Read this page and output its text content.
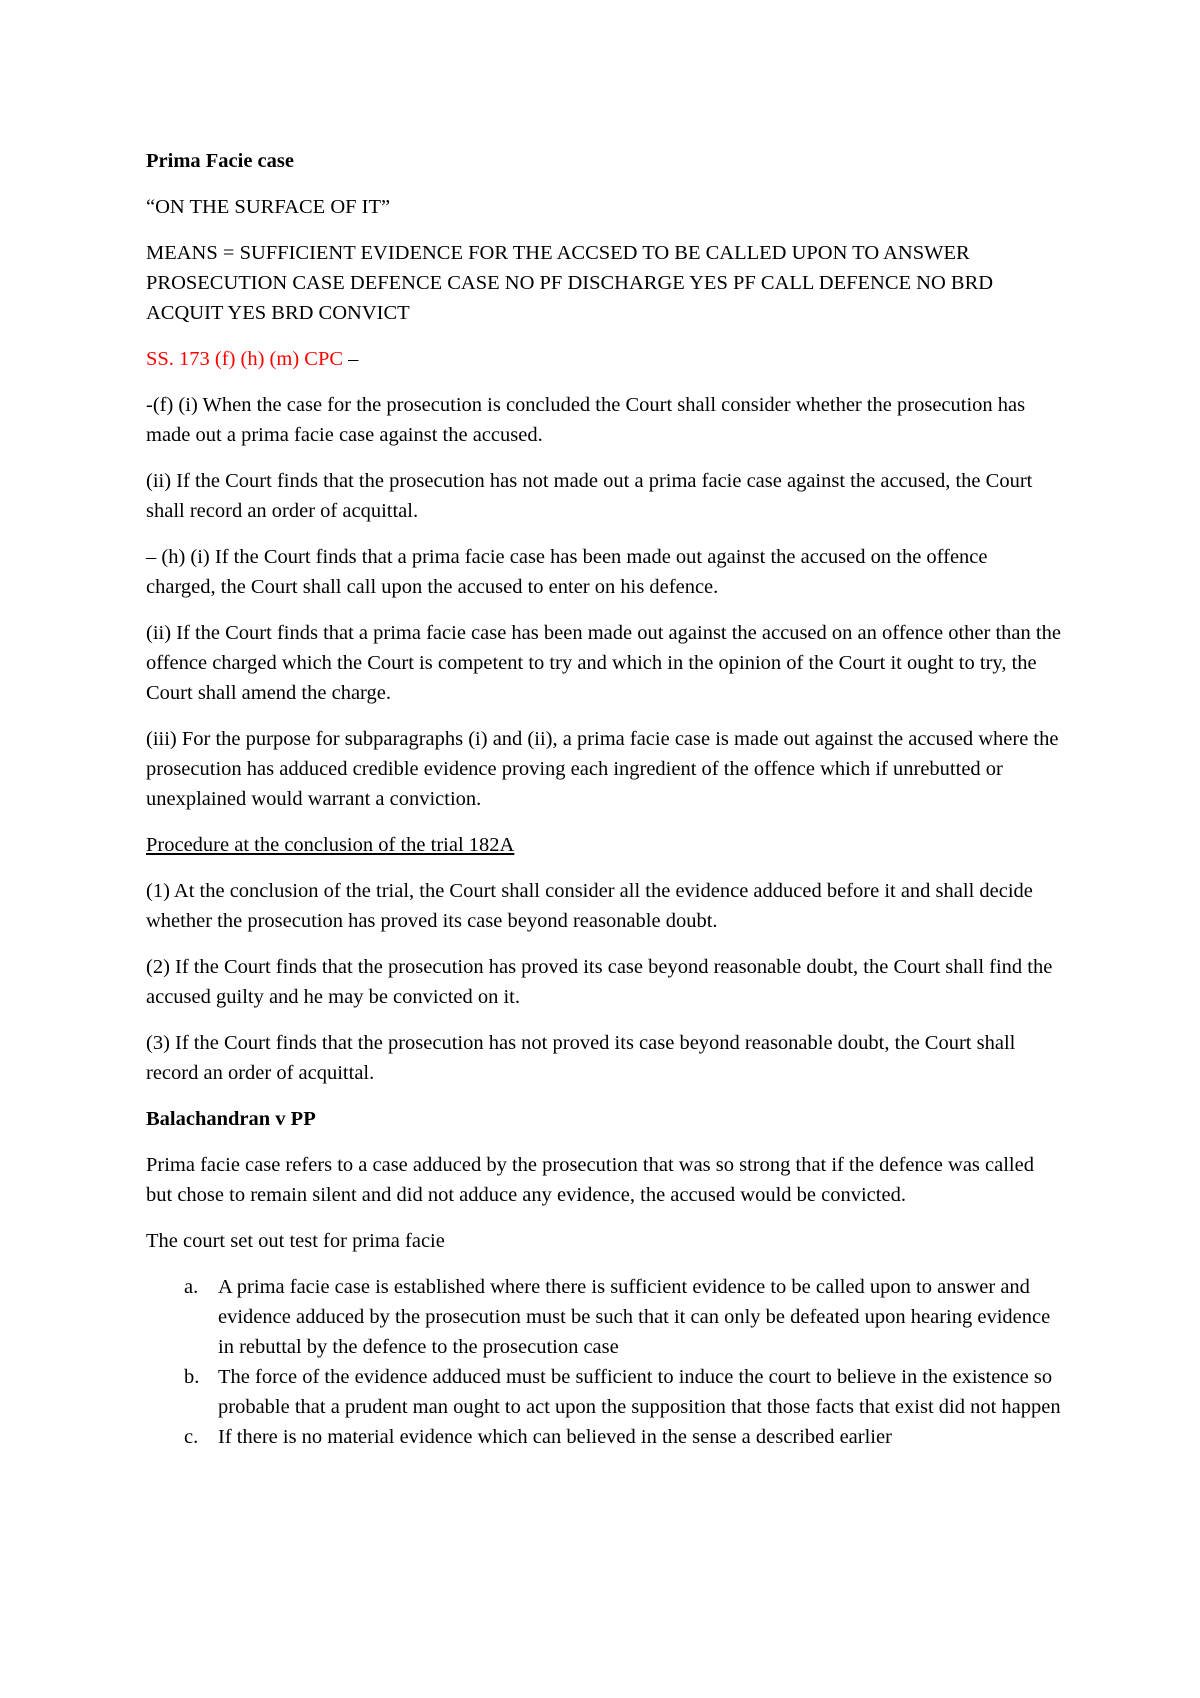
Prima Facie case

“ON THE SURFACE OF IT”

MEANS = SUFFICIENT EVIDENCE FOR THE ACCSED TO BE CALLED UPON TO ANSWER PROSECUTION CASE DEFENCE CASE NO PF DISCHARGE YES PF CALL DEFENCE NO BRD ACQUIT YES BRD CONVICT

SS. 173 (f) (h) (m) CPC –

-(f) (i) When the case for the prosecution is concluded the Court shall consider whether the prosecution has made out a prima facie case against the accused.

(ii) If the Court finds that the prosecution has not made out a prima facie case against the accused, the Court shall record an order of acquittal.

– (h) (i) If the Court finds that a prima facie case has been made out against the accused on the offence charged, the Court shall call upon the accused to enter on his defence.

(ii) If the Court finds that a prima facie case has been made out against the accused on an offence other than the offence charged which the Court is competent to try and which in the opinion of the Court it ought to try, the Court shall amend the charge.

(iii) For the purpose for subparagraphs (i) and (ii), a prima facie case is made out against the accused where the prosecution has adduced credible evidence proving each ingredient of the offence which if unrebutted or unexplained would warrant a conviction.

Procedure at the conclusion of the trial 182A

(1) At the conclusion of the trial, the Court shall consider all the evidence adduced before it and shall decide whether the prosecution has proved its case beyond reasonable doubt.

(2) If the Court finds that the prosecution has proved its case beyond reasonable doubt, the Court shall find the accused guilty and he may be convicted on it.

(3) If the Court finds that the prosecution has not proved its case beyond reasonable doubt, the Court shall record an order of acquittal.

Balachandran v PP

Prima facie case refers to a case adduced by the prosecution that was so strong that if the defence was called but chose to remain silent and did not adduce any evidence, the accused would be convicted.

The court set out test for prima facie

a. A prima facie case is established where there is sufficient evidence to be called upon to answer and evidence adduced by the prosecution must be such that it can only be defeated upon hearing evidence in rebuttal by the defence to the prosecution case
b. The force of the evidence adduced must be sufficient to induce the court to believe in the existence so probable that a prudent man ought to act upon the supposition that those facts that exist did not happen
c. If there is no material evidence which can believed in the sense a described earlier
